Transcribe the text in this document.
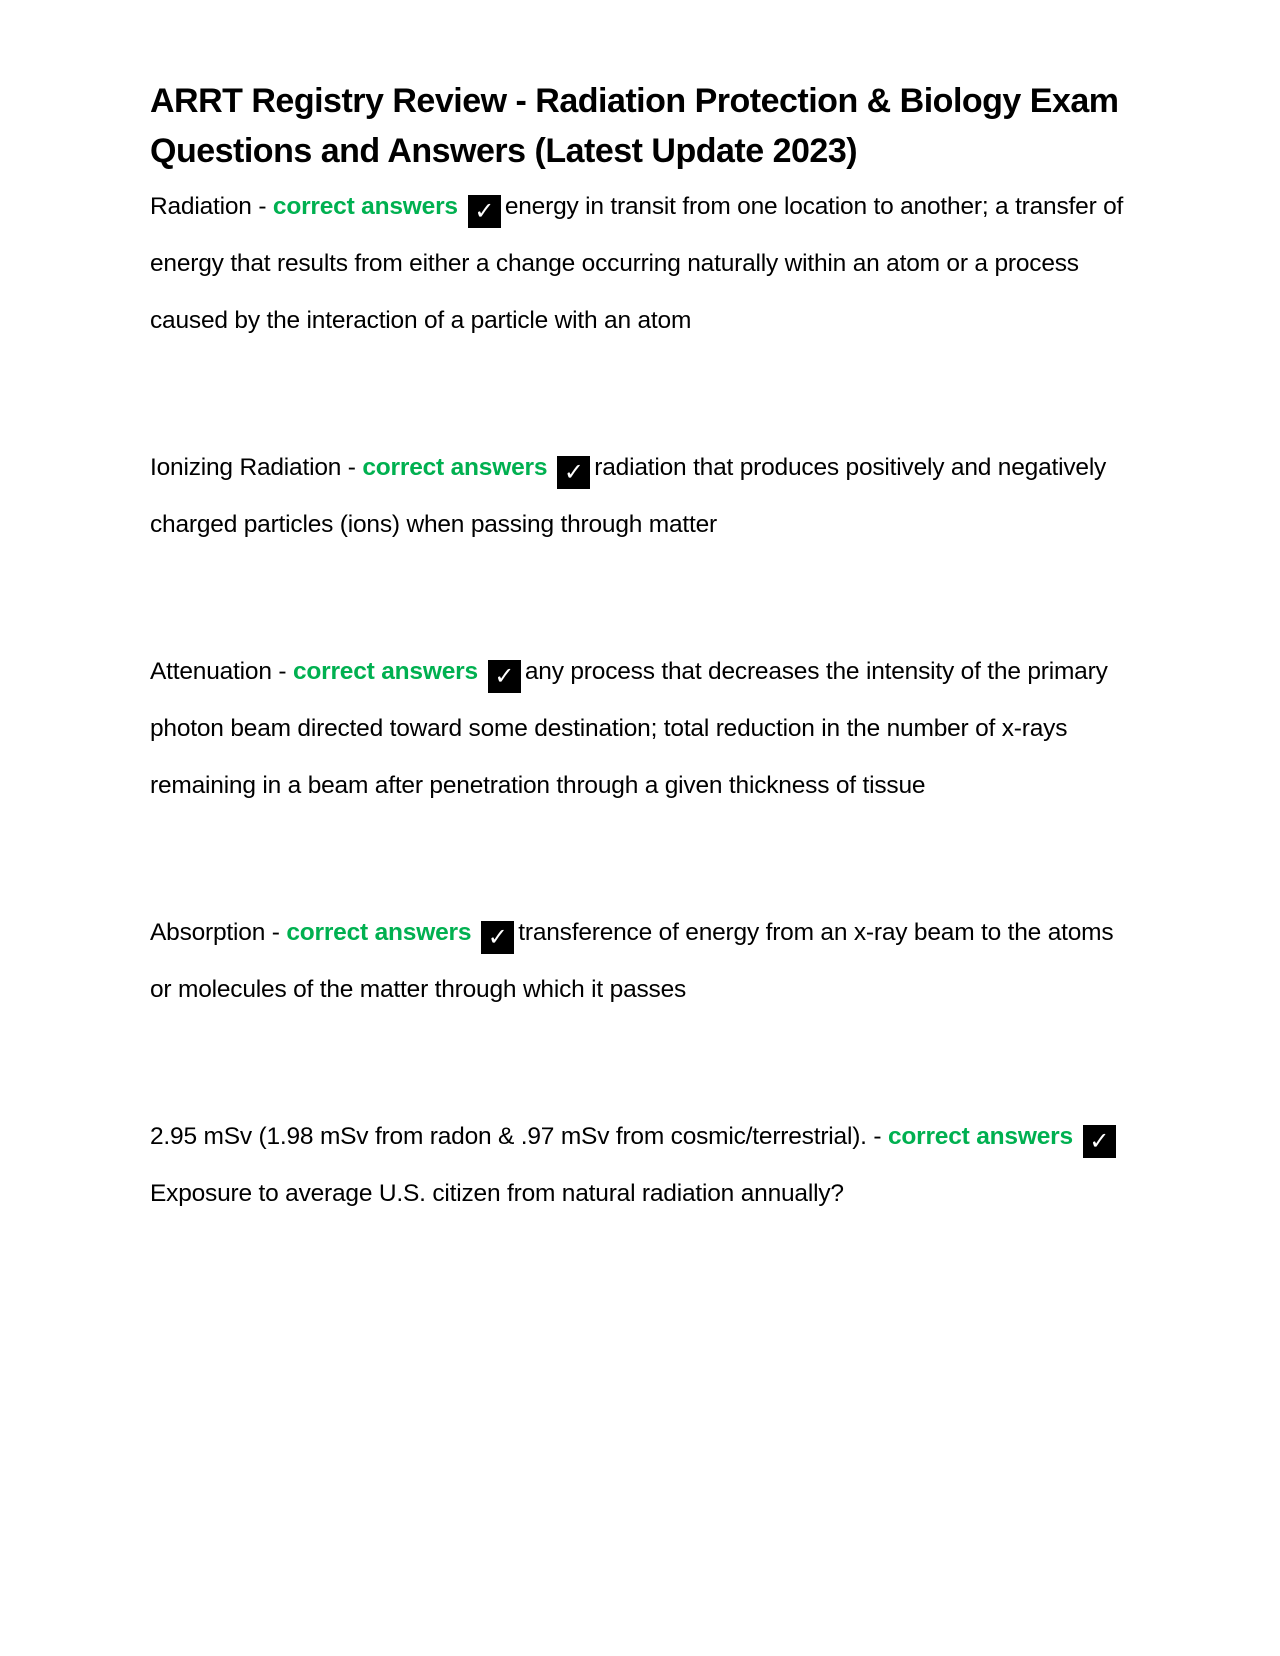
ARRT Registry Review - Radiation Protection & Biology Exam Questions and Answers (Latest Update 2023)

Radiation - correct answers ✓ energy in transit from one location to another; a transfer of energy that results from either a change occurring naturally within an atom or a process caused by the interaction of a particle with an atom

Ionizing Radiation - correct answers ✓ radiation that produces positively and negatively charged particles (ions) when passing through matter

Attenuation - correct answers ✓ any process that decreases the intensity of the primary photon beam directed toward some destination; total reduction in the number of x-rays remaining in a beam after penetration through a given thickness of tissue

Absorption - correct answers ✓ transference of energy from an x-ray beam to the atoms or molecules of the matter through which it passes

2.95 mSv (1.98 mSv from radon & .97 mSv from cosmic/terrestrial). - correct answers ✓Exposure to average U.S. citizen from natural radiation annually?
